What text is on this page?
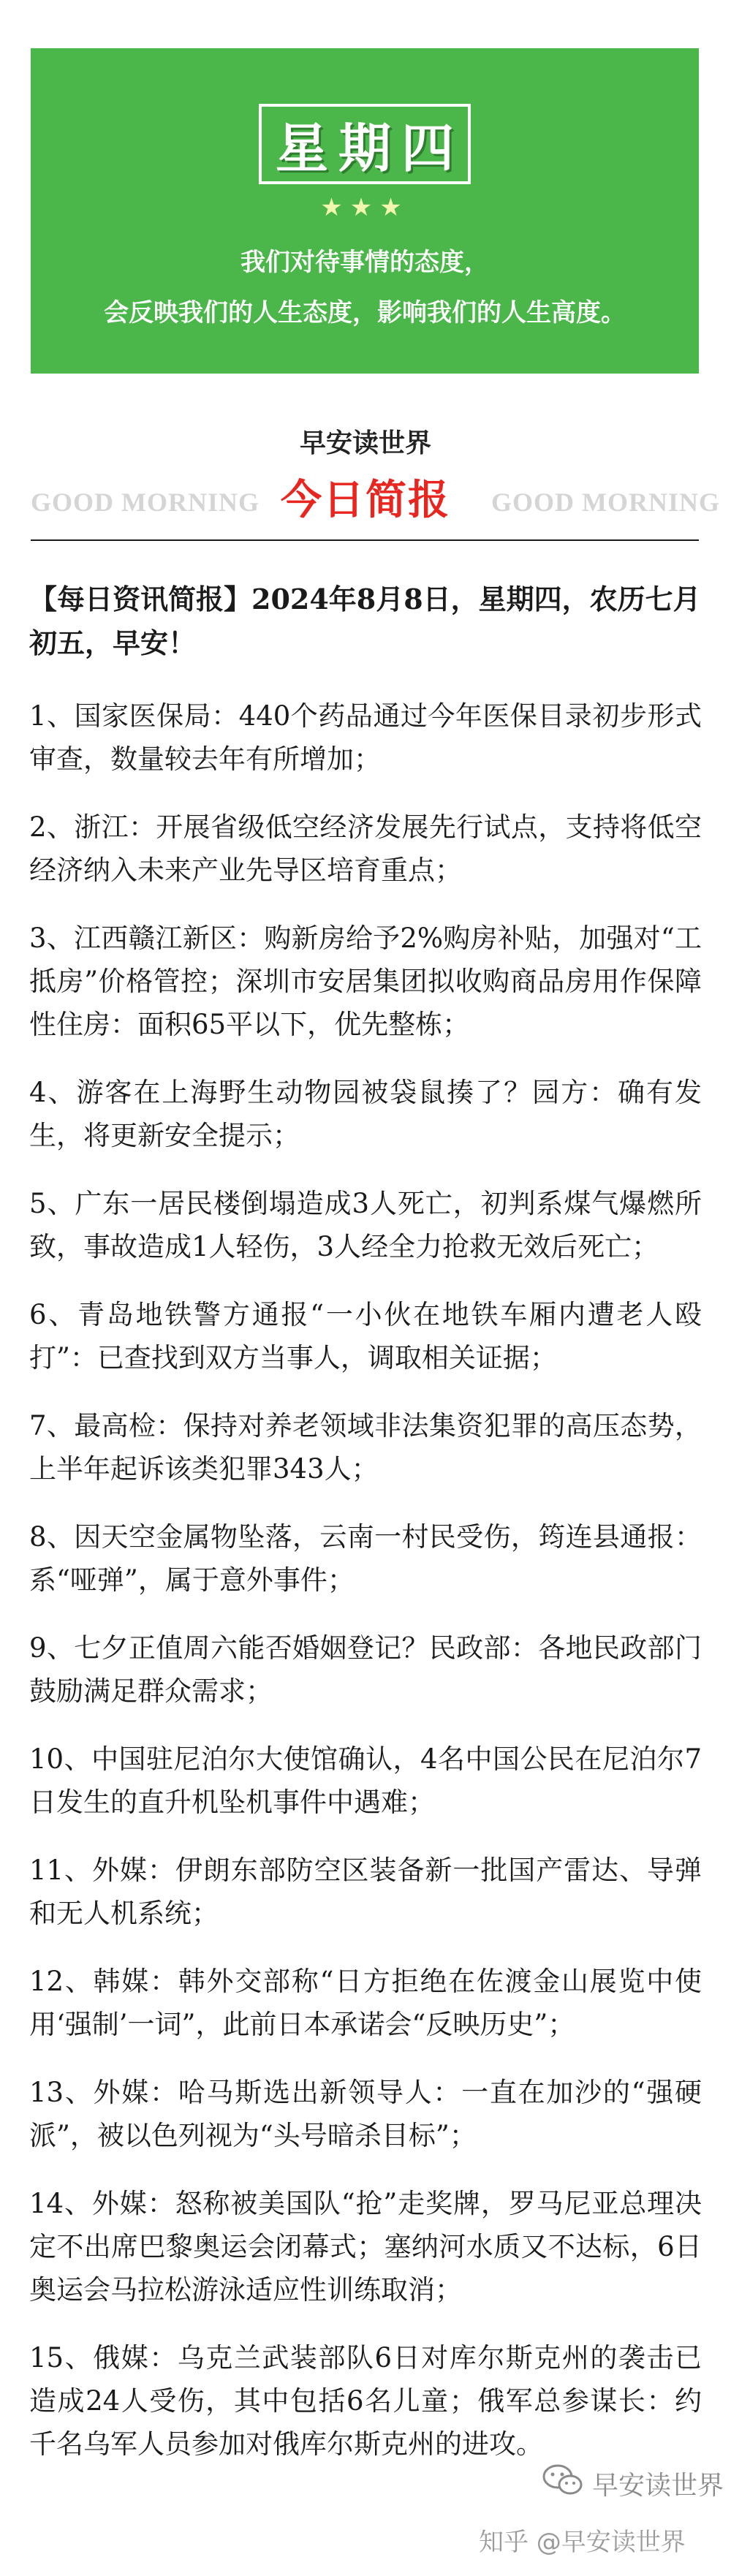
星期四
★★★
我们对待事情的态度，
会反映我们的人生态度，影响我们的人生高度。
早安读世界
GOOD MORNING 今日简报	GOOD MORNING

【每日资讯简报】2024年8月8日，星期四，农历七月初五，早安！

1、国家医保局：440个药品通过今年医保目录初步形式审查，数量较去年有所增加；

2、浙江：开展省级低空经济发展先行试点，支持将低空经济纳入未来产业先导区培育重点；

3、江西赣江新区：购新房给予2%购房补贴，加强对“工抵房”价格管控；深圳市安居集团拟收购商品房用作保障性住房：面积65平以下，优先整栋；

4、游客在上海野生动物园被袋鼠揍了？园方：确有发生，将更新安全提示；

5、广东一居民楼倒塌造成3人死亡，初判系煤气爆燃所致，事故造成1人轻伤，3人经全力抢救无效后死亡；

6、青岛地铁警方通报“一小伙在地铁车厢内遭老人殴打”：已查找到双方当事人，调取相关证据；

7、最高检：保持对养老领域非法集资犯罪的高压态势，上半年起诉该类犯罪343人；

8、因天空金属物坠落，云南一村民受伤，筠连县通报：系“哑弹”，属于意外事件；

9、七夕正值周六能否婚姻登记？民政部：各地民政部门鼓励满足群众需求；

10、中国驻尼泊尔大使馆确认，4名中国公民在尼泊尔7日发生的直升机坠机事件中遇难；

11、外媒：伊朗东部防空区装备新一批国产雷达、导弹和无人机系统；

12、韩媒：韩外交部称“日方拒绝在佐渡金山展览中使用‘强制’一词”，此前日本承诺会“反映历史”；

13、外媒：哈马斯选出新领导人：一直在加沙的“强硬派”，被以色列视为“头号暗杀目标”；

14、外媒：怒称被美国队“抢”走奖牌，罗马尼亚总理决定不出席巴黎奥运会闭幕式；塞纳河水质又不达标，6日奥运会马拉松游泳适应性训练取消；

15、俄媒：乌克兰武装部队6日对库尔斯克州的袭击已造成24人受伤，其中包括6名儿童；俄军总参谋长：约千名乌军人员参加对俄库尔斯克州的进攻。

早安读世界
知乎 @早安读世界
